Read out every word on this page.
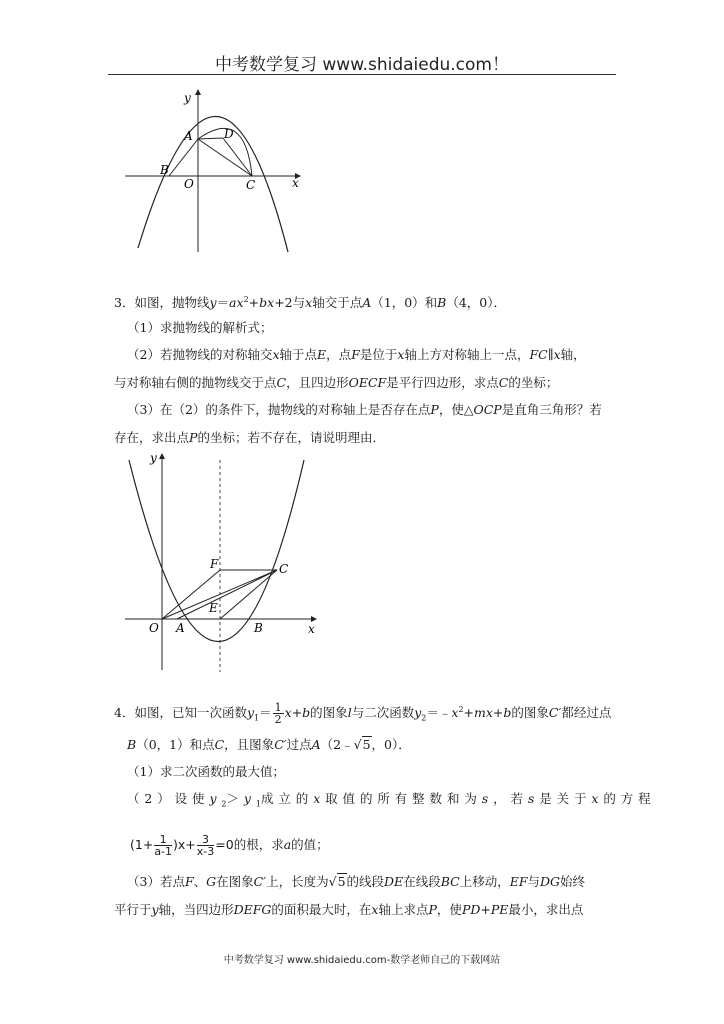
中考数学复习 www.shidaiedu.com！
y
A	D
B
O	C	x
3．如图，抛物线$y=ax^2+bx+2$与x轴交于点A（1，0）和B（4，0）．
（1）求抛物线的解析式；
（2）若抛物线的对称轴交x轴于点E，点F是位于x轴上方对称轴上一点，FC∥x轴，
与对称轴右侧的抛物线交于点C，且四边形OECF是平行四边形，求点C的坐标；
（3）在（2）的条件下，抛物线的对称轴上是否存在点P，使△OCP是直角三角形？若
存在，求出点P的坐标；若不存在，请说明理由．
y
F	C
E
O A	B	x
4．如图，已知一次函数$y_1= \frac{1}{2} x+b$的图象l与二次函数$y_2=﹣x^2+mx+b$的图象C′都经过点
B（0，1）和点C，且图象C′过点A（2﹣√5，0）．
（1）求二次函数的最大值；
（2）设使$y_2>y_1$成立的x取值的所有整数和为s，若s是关于x的方程
$(1+ \frac{1}{a-1} )x+ \frac{3}{x-3} =0$的根，求a的值；
（3）若点F、G在图象C′上，长度为√5的线段DE在线段BC上移动，EF与DG始终
平行于y轴，当四边形DEFG的面积最大时，在x轴上求点P，使PD+PE最小，求出点
中考数学复习 www.shidaiedu.com-数学老师自己的下载网站
